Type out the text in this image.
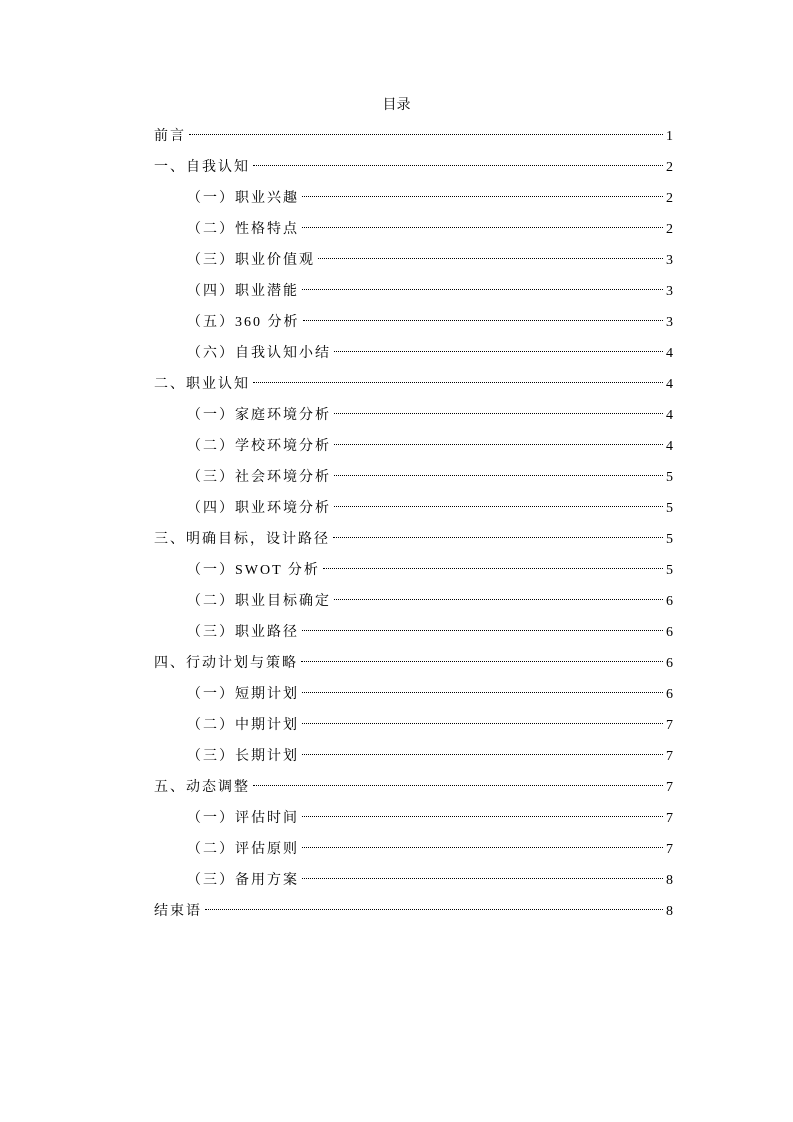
目录
前言	1
一、自我认知	2
（一）职业兴趣	2
（二）性格特点	2
（三）职业价值观	3
（四）职业潜能	3
（五）360 分析	3
（六）自我认知小结	4
二、职业认知	4
（一）家庭环境分析	4
（二）学校环境分析	4
（三）社会环境分析	5
（四）职业环境分析	5
三、明确目标，设计路径	5
（一）SWOT 分析	5
（二）职业目标确定	6
（三）职业路径	6
四、行动计划与策略	6
（一）短期计划	6
（二）中期计划	7
（三）长期计划	7
五、动态调整	7
（一）评估时间	7
（二）评估原则	7
（三）备用方案	8
结束语	8
